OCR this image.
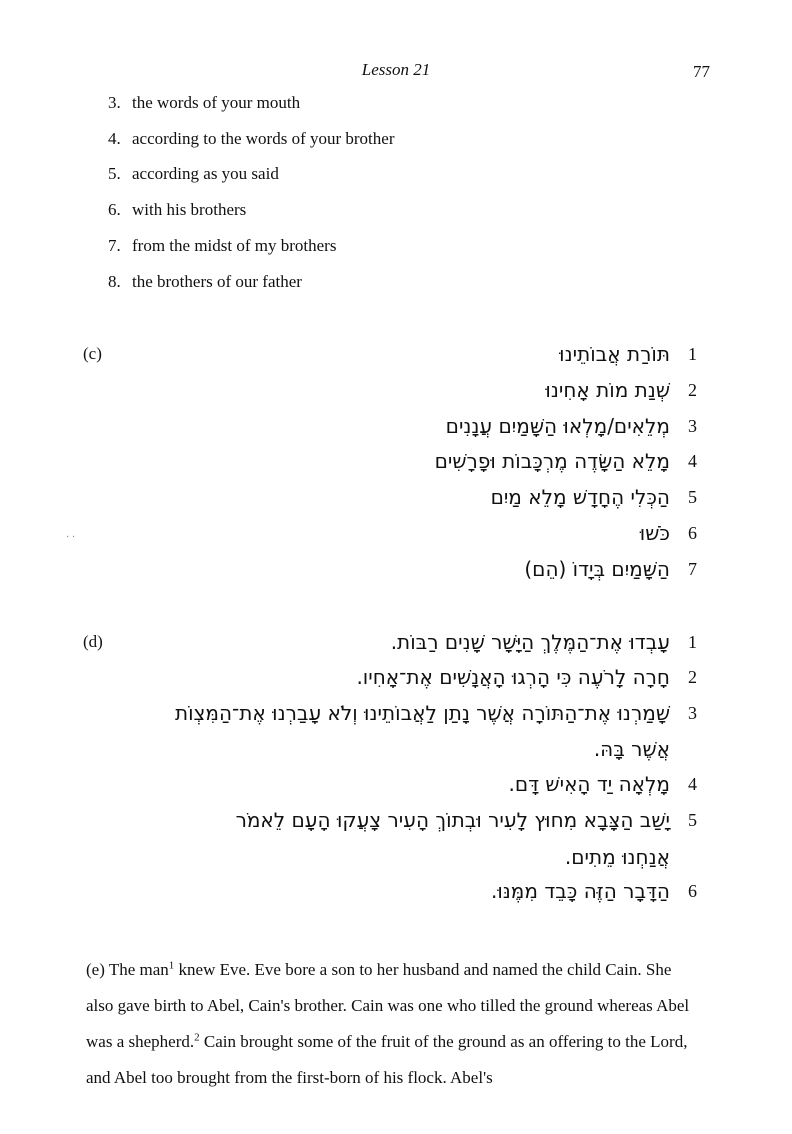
Lesson 21	77
3. the words of your mouth
4. according to the words of your brother
5. according as you said
6. with his brothers
7. from the midst of my brothers
8. the brothers of our father
(c)	1
תּוֹרַת אֲבוֹתֵינוּ
2
שְׁנַת מוֹת אָחִינוּ
3
מְלֵאִים/מָלְאוּ הַשָּׁמַיִם עֲנָנִים
4
מָלֵא הַשָּׂדֶה מֶרְכָּבוֹת וּפָרָשִׁים
5
הַכְּלִי הֶחָדָשׁ מָלֵא מַיִם
6
כֹּשׁוּ
7
הַשָּׁמַיִם בְּיָדוֹ (הֵם)
· ·
(d)	1
עָבְדוּ אֶת־הַמֶּלֶךְ הַיָּשָׁר שָׁנִים רַבּוֹת.
2
חָרָה לָרֹעֶה כִּי הָרְגוּ הָאֲנָשִׁים אֶת־אָחִיו.
3
שָׁמַרְנוּ אֶת־הַתּוֹרָה אֲשֶׁר נָתַן לַאֲבוֹתֵינוּ וְלֹא עָבַרְנוּ אֶת־הַמִּצְוֹת
אֲשֶׁר בָּהּ.
4
מָלְאָה יַד הָאִישׁ דָּם.
5
יָשַׁב הַצָּבָא מִחוּץ לָעִיר וּבְתוֹךְ הָעִיר צָעֲקוּ הָעָם לֵאמֹר
אֲנַחְנוּ מֵתִים.
6
הַדָּבָר הַזֶּה כָּבֵד מִמֶּנּוּ.
(e) The man$^1$ knew Eve. Eve bore a son to her husband and named the child Cain. She also gave birth to Abel, Cain's brother. Cain was one who tilled the ground whereas Abel was a shepherd.$^2$ Cain brought some of the fruit of the ground as an offering to the Lord, and Abel too brought from the first-born of his flock. Abel's
